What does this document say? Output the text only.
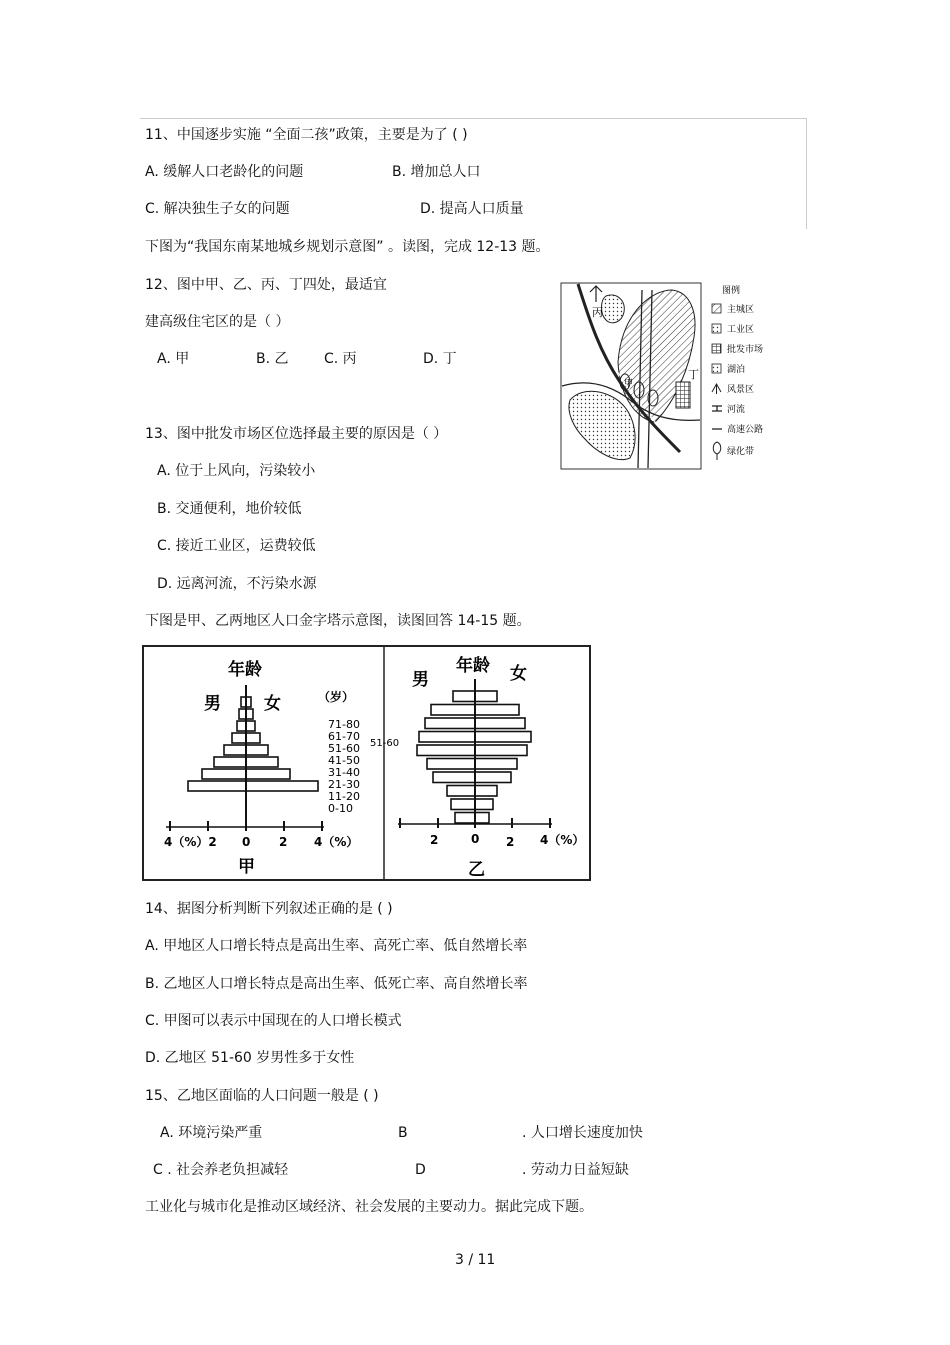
11、中国逐步实施 “全面二孩”政策，主要是为了 ( )
A. 缓解人口老龄化的问题	B. 增加总人口
C. 解决独生子女的问题	D. 提高人口质量
下图为“我国东南某地城乡规划示意图” 。读图，完成 12-13 题。
12、图中甲、乙、丙、丁四处，最适宜
建高级住宅区的是（ ）
A. 甲	B. 乙	C. 丙	D. 丁
13、图中批发市场区位选择最主要的原因是（ ）
A. 位于上风向，污染较小
B. 交通便利，地价较低
C. 接近工业区，运费较低
D. 远离河流，不污染水源
丙
甲
丁
图例
主城区
工业区
批发市场
湖泊
风景区
河流
高速公路
绿化带
下图是甲、乙两地区人口金字塔示意图，读图回答 14-15 题。
年龄
男	女	（岁）
71-80
61-70
51-60
41-50
31-40
21-30
11-20
0-10
4（%）2 0 2 4（%）
甲
年龄
男	女
51-60
2	0 2 4（%）
乙
14、据图分析判断下列叙述正确的是 ( )
A. 甲地区人口增长特点是高出生率、高死亡率、低自然增长率
B. 乙地区人口增长特点是高出生率、低死亡率、高自然增长率
C. 甲图可以表示中国现在的人口增长模式
D. 乙地区 51-60 岁男性多于女性
15、乙地区面临的人口问题一般是 ( )
A. 环境污染严重	B	. 人口增长速度加快
C . 社会养老负担减轻	D	. 劳动力日益短缺
工业化与城市化是推动区域经济、社会发展的主要动力。据此完成下题。
3 / 11
